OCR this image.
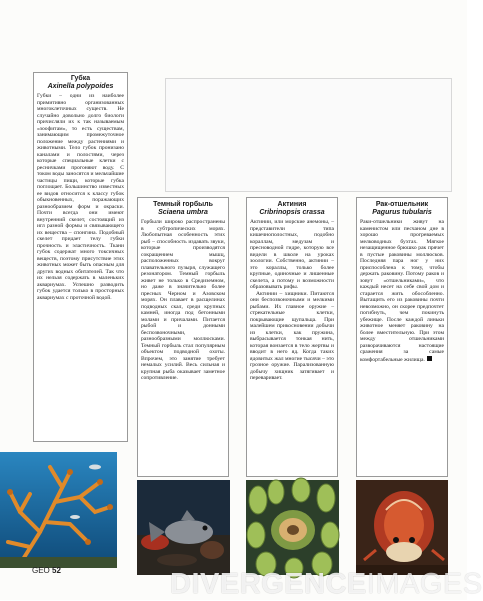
Губка
Axinella polypoides

Губки – одни из наиболее примитивно организованных многоклеточных существ. Не случайно довольно долго биологи причисляли их к так называемым «зоофитам», то есть существам, занимающим промежуточное положение между растениями и животными. Тело губок пронизано каналами и полостями, через которые специальные клетки с ресничками прогоняют воду. С током воды заносятся и мельчайшие частицы пищи, которые губка поглощает. Большинство известных ее видов относится к классу губок обыкновенных, поражающих разнообразием форм и окраски. Почти всегда они имеют внутренний скелет, состоящий из игл разной формы и связывающего их вещества – спонгина. Подобный скелет придает телу губки прочность и эластичность. Ткани губок содержат много токсичных веществ, поэтому присутствие этих животных может быть опасным для других водных обитателей. Так что их нельзя содержать в маленьких аквариумах. Успешно разводить губок удается только в просторных аквариумах с проточной водой.

Темный горбыль
Sciaena umbra

Горбыли широко распространены в субтропических морях. Любопытная особенность этих рыб – способность издавать звуки, которые производятся сокращением мышц, расположенных вокруг плавательного пузыря, служащего резонатором. Темный горбыль живет не только в Средиземном, но даже в значительно более пресных Черном и Азовском морях. Он плавает в расщелинах подводных скал, среди крупных камней, иногда под бетонными молами и причалами. Питается рыбой и донными беспозвоночными, разнообразными моллюсками. Темный горбыль стал популярным объектом подводной охоты. Впрочем, это занятие требует немалых усилий. Весь сильная и крупная рыба оказывает заметное сопротивление.

Актиния
Cribrinopsis crassa

Актинии, или морские анемоны, – представители типа кишечнополостных, подобно кораллам, медузам и пресноводной гидре, которую все видели в школе на уроках зоологии. Собственно, актинии – это кораллы, только более крупные, одиночные и лишенные скелета, а потому и возможности образовывать рифы.

Актинии – хищники. Питаются они беспозвоночными и мелкими рыбами. Их главное оружие – стрекательные клетки, покрывающие щупальца. При малейшем прикосновении добычи из клетки, как пружина, выбрасывается тонкая нить, которая вонзается в тело жертвы и вводит в него яд. Когда таких ядовитых жал многие тысячи – это грозное оружие. Парализованную добычу хищник затягивает и переваривает.

Рак-отшельник
Pagurus tubularis

Раки-отшельники живут на каменистом или песчаном дне в хорошо прогреваемых мелководных бухтах. Мягкое незащищенное брюшко рак прячет в пустые раковины моллюсков. Последняя пара ног у них приспособлена к тому, чтобы держать раковину. Потому раков и зовут «отшельниками», что каждый несет на себе свой дом и старается жить обособленно. Вытащить его из раковины почти невозможно, он скорее предпочтет погибнуть, чем покинуть убежище. После каждой линьки животное меняет раковину на более вместительную. При этом между отшельниками разворачиваются настоящие сражения за самые комфортабельные жилища.

GEO 52	DIVERGENCEIMAGES
